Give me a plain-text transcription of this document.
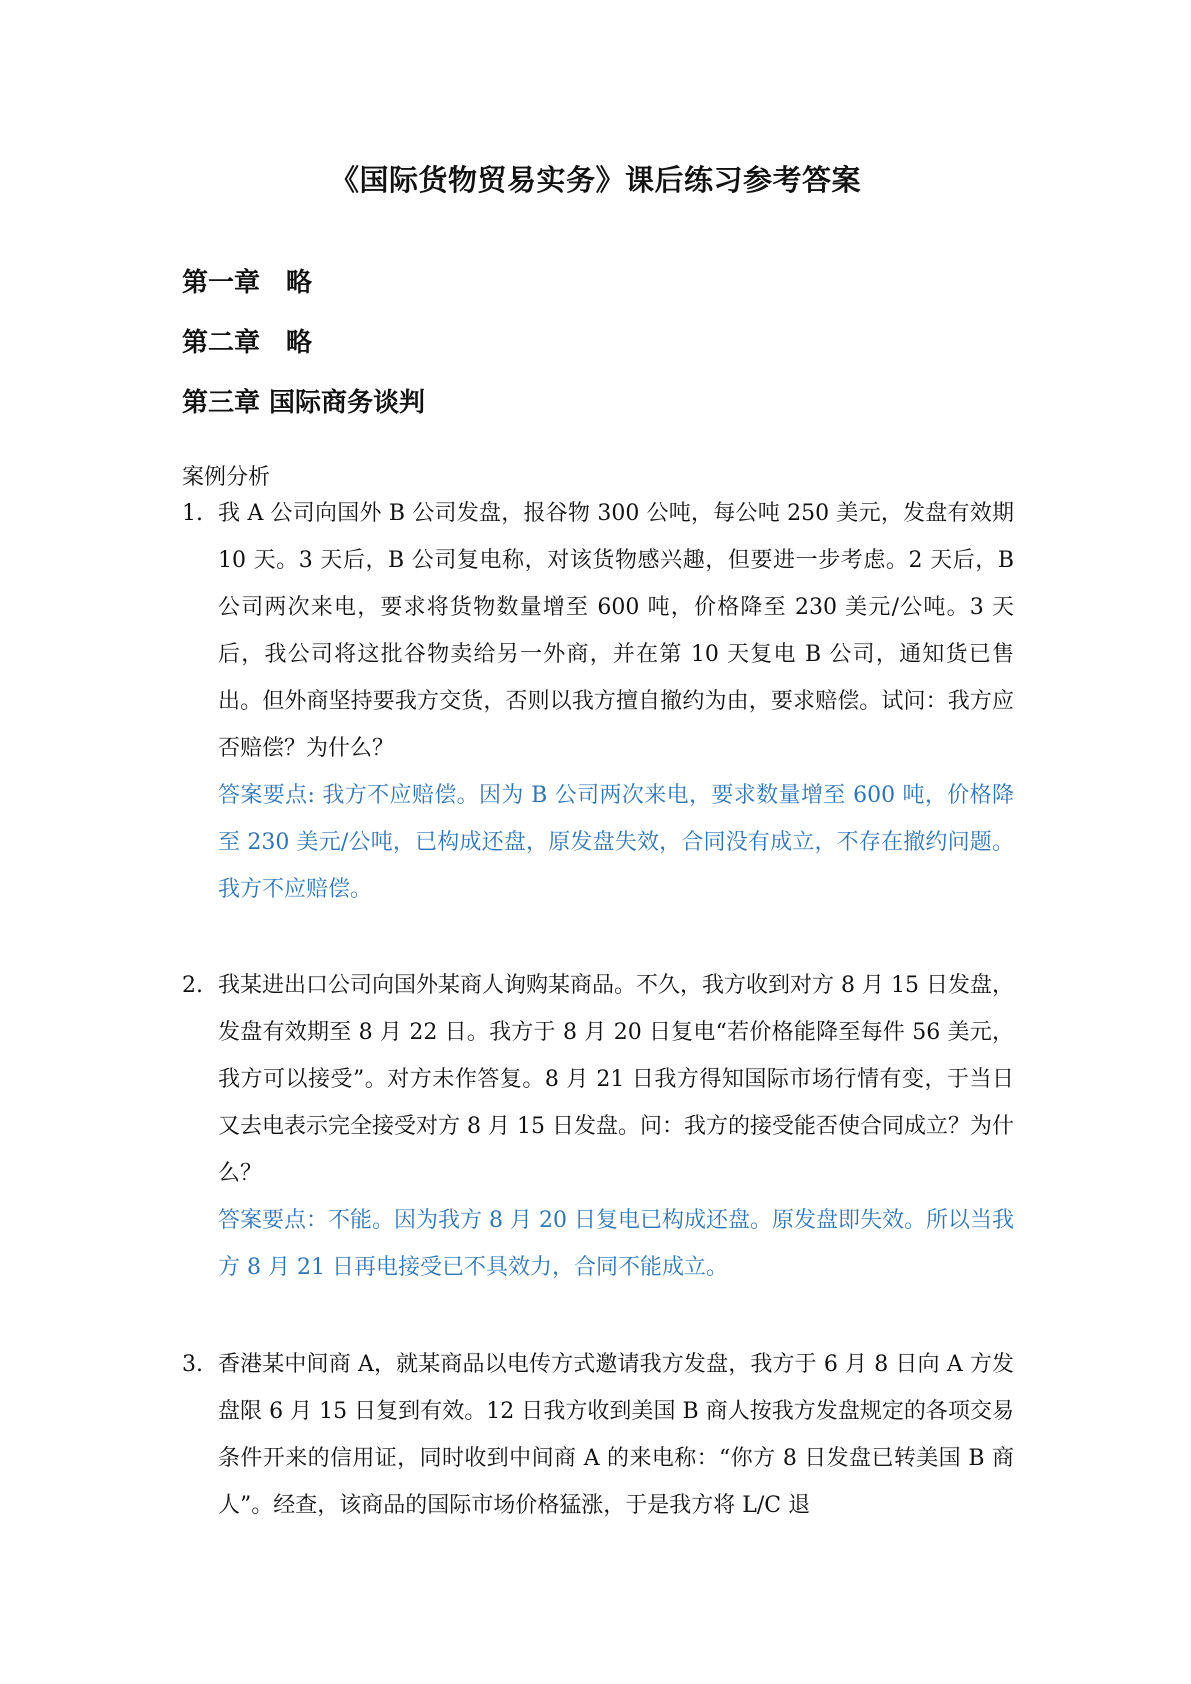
《国际货物贸易实务》课后练习参考答案
第一章　略
第二章　略
第三章 国际商务谈判
案例分析
1. 我 A 公司向国外 B 公司发盘，报谷物 300 公吨，每公吨 250 美元，发盘有效期 10 天。3 天后，B 公司复电称，对该货物感兴趣，但要进一步考虑。2 天后，B 公司两次来电，要求将货物数量增至 600 吨，价格降至 230 美元/公吨。3 天后，我公司将这批谷物卖给另一外商，并在第 10 天复电 B 公司，通知货已售出。但外商坚持要我方交货，否则以我方擅自撤约为由，要求赔偿。试问：我方应否赔偿？为什么？
答案要点: 我方不应赔偿。因为 B 公司两次来电，要求数量增至 600 吨，价格降至 230 美元/公吨，已构成还盘，原发盘失效，合同没有成立，不存在撤约问题。我方不应赔偿。
2. 我某进出口公司向国外某商人询购某商品。不久，我方收到对方 8 月 15 日发盘，发盘有效期至 8 月 22 日。我方于 8 月 20 日复电“若价格能降至每件 56 美元，我方可以接受”。对方未作答复。8 月 21 日我方得知国际市场行情有变，于当日又去电表示完全接受对方 8 月 15 日发盘。问：我方的接受能否使合同成立？为什么？
答案要点：不能。因为我方 8 月 20 日复电已构成还盘。原发盘即失效。所以当我方 8 月 21 日再电接受已不具效力，合同不能成立。
3. 香港某中间商 A，就某商品以电传方式邀请我方发盘，我方于 6 月 8 日向 A 方发盘限 6 月 15 日复到有效。12 日我方收到美国 B 商人按我方发盘规定的各项交易条件开来的信用证，同时收到中间商 A 的来电称：“你方 8 日发盘已转美国 B 商人”。经查，该商品的国际市场价格猛涨，于是我方将 L/C 退
